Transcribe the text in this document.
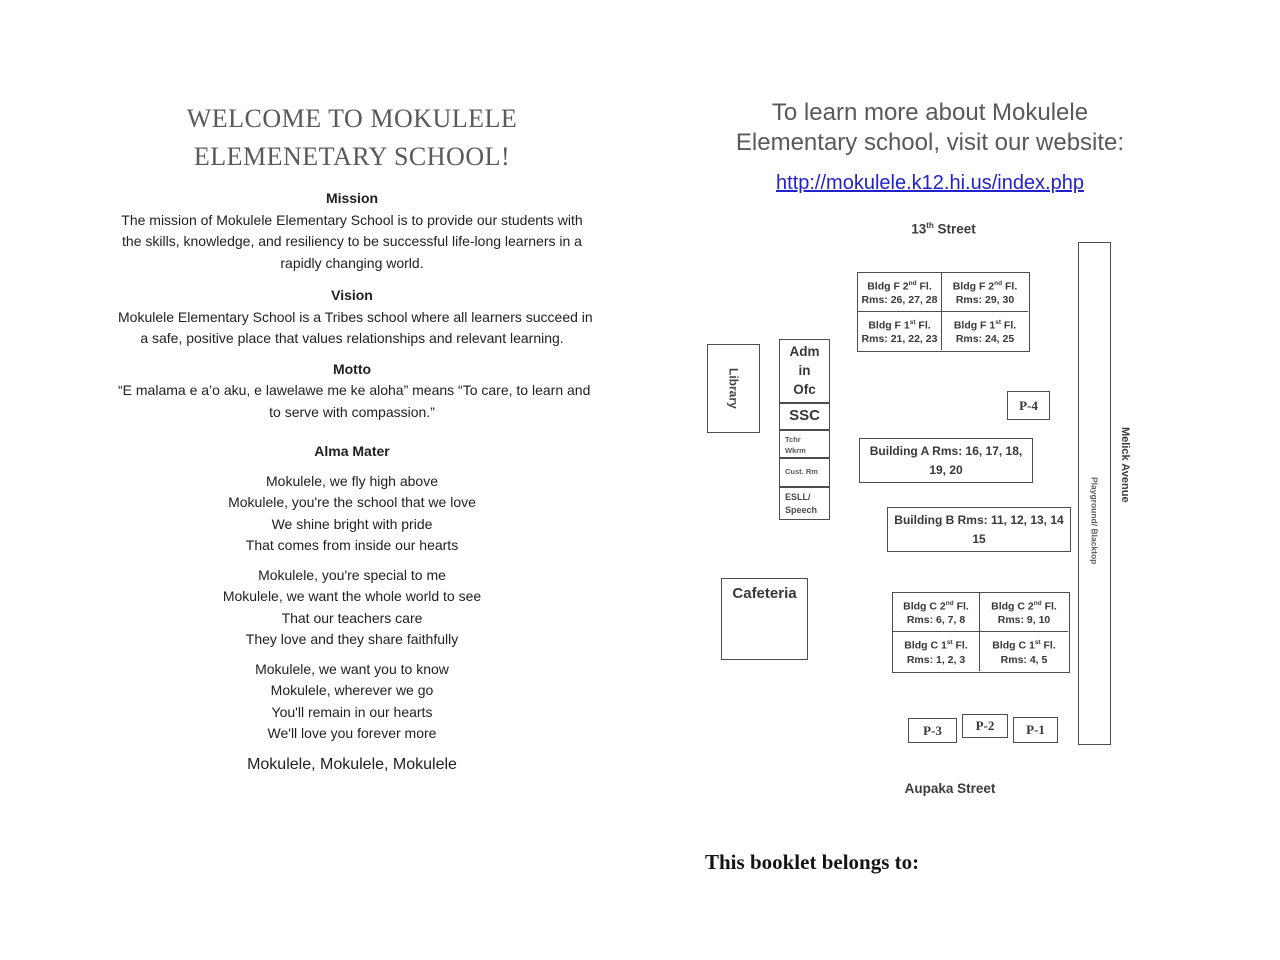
WELCOME TO MOKULELE
ELEMENETARY SCHOOL!
Mission
The mission of Mokulele Elementary School is to provide our students with
the skills, knowledge, and resiliency to be successful life-long learners in a
rapidly changing world.
Vision
Mokulele Elementary School is a Tribes school where all learners succeed in
a safe, positive place that values relationships and relevant learning.
Motto
“E malama e a’o aku, e lawelawe me ke aloha” means “To care, to learn and
to serve with compassion.”
Alma Mater
Mokulele, we fly high above
Mokulele, you're the school that we love
We shine bright with pride
That comes from inside our hearts
Mokulele, you're special to me
Mokulele, we want the whole world to see
That our teachers care
They love and they share faithfully
Mokulele, we want you to know
Mokulele, wherever we go
You'll remain in our hearts
We'll love you forever more
Mokulele, Mokulele, Mokulele
To learn more about Mokulele
Elementary school, visit our website:
http://mokulele.k12.hi.us/index.php
13th Street
Bldg F 2nd Fl.
Rms: 26, 27, 28
Bldg F 2nd Fl.
Rms: 29, 30
Bldg F 1st Fl.
Rms: 21, 22, 23
Bldg F 1st Fl.
Rms: 24, 25
Library
Adm
in
Ofc
SSC
Tchr
Wkrm
Cust. Rm
ESLL/
Speech
P-4
Building A Rms: 16, 17, 18,
19, 20
Building B Rms: 11, 12, 13, 14
15
Cafeteria
Bldg C 2nd Fl.
Rms: 6, 7, 8
Bldg C 2nd Fl.
Rms: 9, 10
Bldg C 1st Fl.
Rms: 1, 2, 3
Bldg C 1st Fl.
Rms: 4, 5
P-3	P-2 P-1
Playground/ Blacktop
Melick Avenue
Aupaka Street
This booklet belongs to:
